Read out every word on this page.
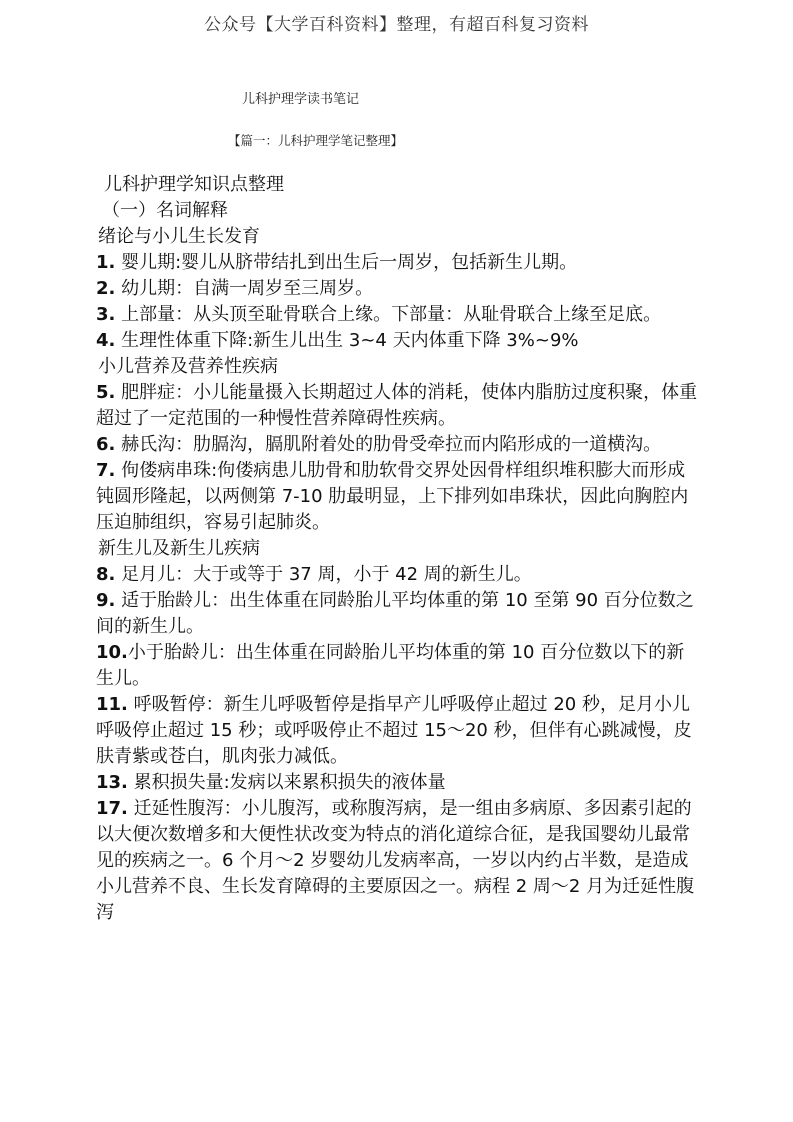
公众号【大学百科资料】整理，有超百科复习资料
儿科护理学读书笔记
【篇一：儿科护理学笔记整理】

儿科护理学知识点整理

（一）名词解释

绪论与小儿生长发育

1. 婴儿期:婴儿从脐带结扎到出生后一周岁，包括新生儿期。

2. 幼儿期：自满一周岁至三周岁。

3. 上部量：从头顶至耻骨联合上缘。下部量：从耻骨联合上缘至足底。

4. 生理性体重下降:新生儿出生 3~4 天内体重下降 3%~9%

小儿营养及营养性疾病

5. 肥胖症：小儿能量摄入长期超过人体的消耗，使体内脂肪过度积聚，体重超过了一定范围的一种慢性营养障碍性疾病。

6. 赫氏沟：肋膈沟，膈肌附着处的肋骨受牵拉而内陷形成的一道横沟。

7. 佝偻病串珠:佝偻病患儿肋骨和肋软骨交界处因骨样组织堆积膨大而形成钝圆形隆起，以两侧第 7-10 肋最明显，上下排列如串珠状，因此向胸腔内压迫肺组织，容易引起肺炎。

新生儿及新生儿疾病

8. 足月儿：大于或等于 37 周，小于 42 周的新生儿。

9. 适于胎龄儿：出生体重在同龄胎儿平均体重的第 10 至第 90 百分位数之间的新生儿。

10.小于胎龄儿：出生体重在同龄胎儿平均体重的第 10 百分位数以下的新生儿。

11. 呼吸暂停：新生儿呼吸暂停是指早产儿呼吸停止超过 20 秒，足月小儿呼吸停止超过 15 秒；或呼吸停止不超过 15～20 秒，但伴有心跳减慢，皮肤青紫或苍白，肌肉张力减低。

13. 累积损失量:发病以来累积损失的液体量

17. 迁延性腹泻：小儿腹泻，或称腹泻病，是一组由多病原、多因素引起的以大便次数增多和大便性状改变为特点的消化道综合征，是我国婴幼儿最常见的疾病之一。6 个月～2 岁婴幼儿发病率高，一岁以内约占半数，是造成小儿营养不良、生长发育障碍的主要原因之一。病程 2 周～2 月为迁延性腹泻
